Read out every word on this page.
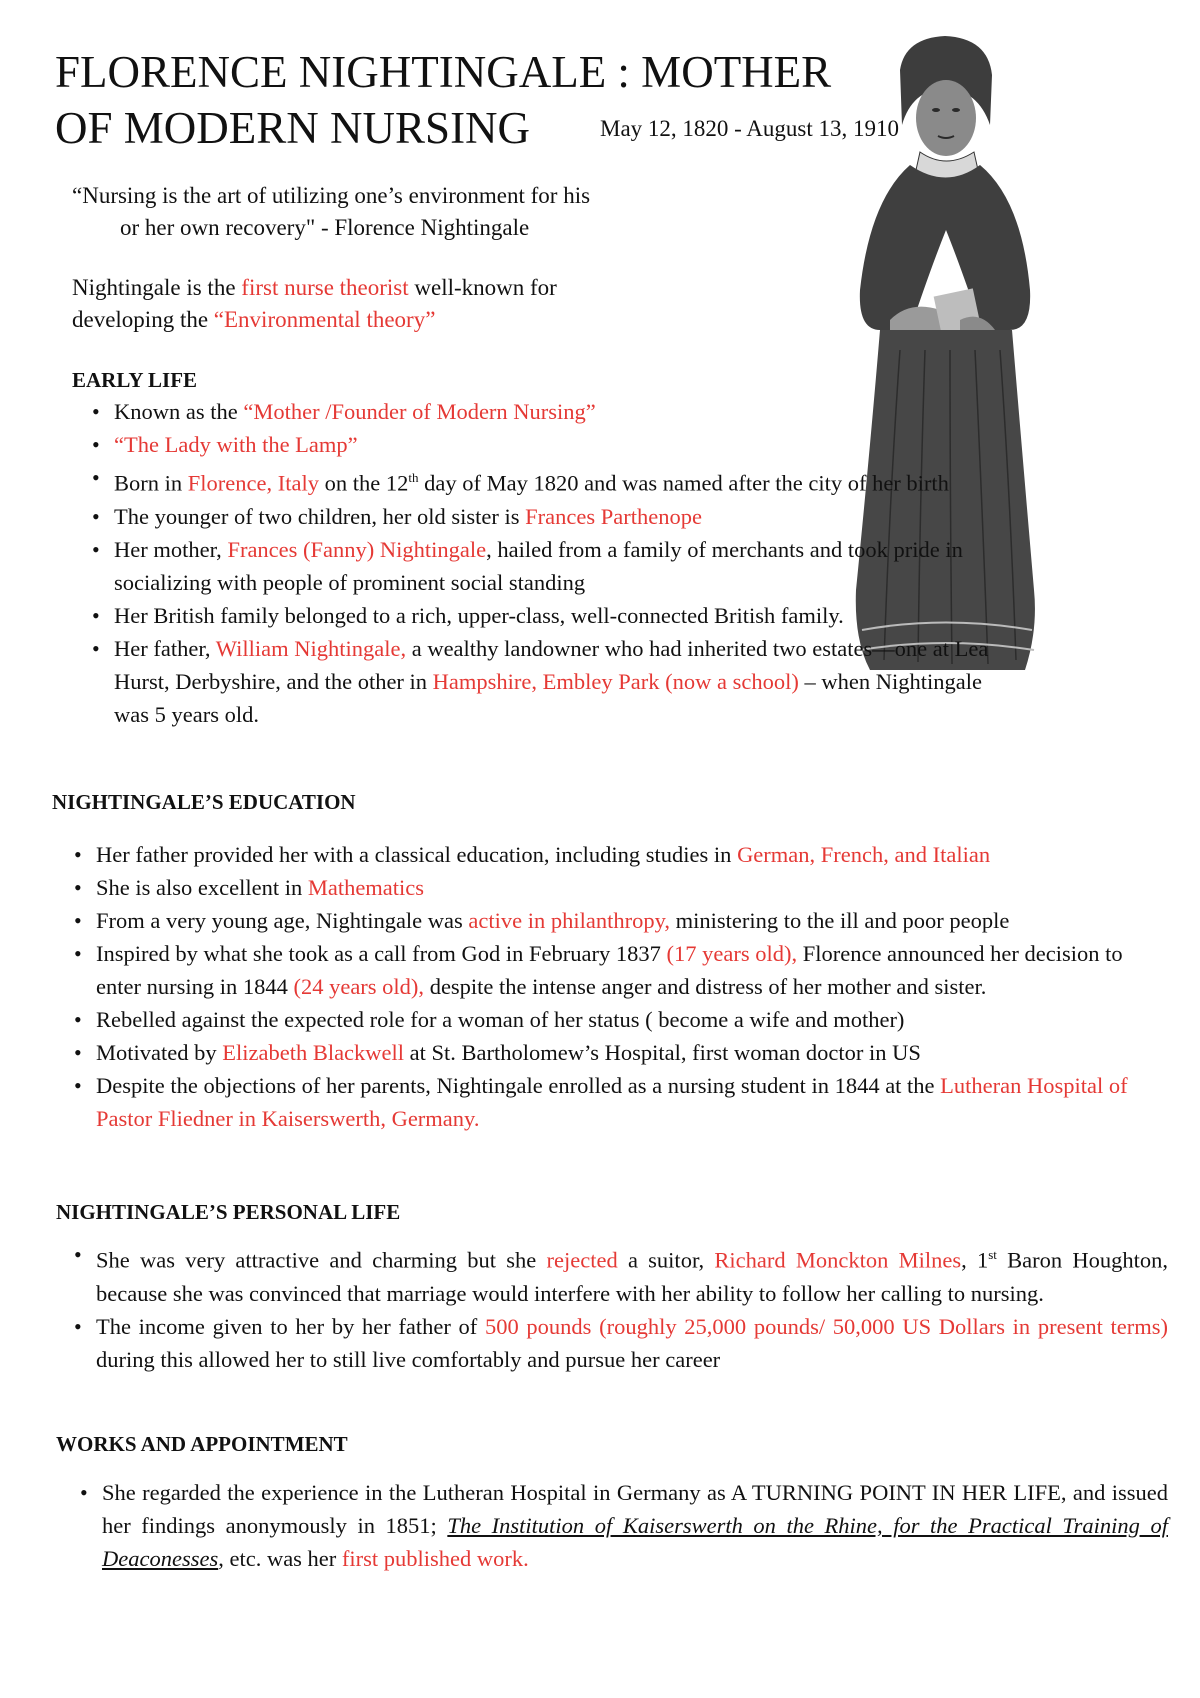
FLORENCE NIGHTINGALE : MOTHER
OF MODERN NURSING	May 12, 1820 - August 13, 1910
“Nursing is the art of utilizing one’s environment for his
or her own recovery" - Florence Nightingale
Nightingale is the first nurse theorist well-known for
developing the “Environmental theory”
EARLY LIFE
• Known as the “Mother /Founder of Modern Nursing”
• “The Lady with the Lamp”
• Born in Florence, Italy on the 12th day of May 1820 and was named after the city of her birth
• The younger of two children, her old sister is Frances Parthenope
• Her mother, Frances (Fanny) Nightingale, hailed from a family of merchants and took pride in socializing with people of prominent social standing
• Her British family belonged to a rich, upper-class, well-connected British family.
• Her father, William Nightingale, a wealthy landowner who had inherited two estates—one at Lea Hurst, Derbyshire, and the other in Hampshire, Embley Park (now a school) – when Nightingale was 5 years old.
NIGHTINGALE’S EDUCATION
• Her father provided her with a classical education, including studies in German, French, and Italian
• She is also excellent in Mathematics
• From a very young age, Nightingale was active in philanthropy, ministering to the ill and poor people
• Inspired by what she took as a call from God in February 1837 (17 years old), Florence announced her decision to enter nursing in 1844 (24 years old), despite the intense anger and distress of her mother and sister.
• Rebelled against the expected role for a woman of her status ( become a wife and mother)
• Motivated by Elizabeth Blackwell at St. Bartholomew’s Hospital, first woman doctor in US
• Despite the objections of her parents, Nightingale enrolled as a nursing student in 1844 at the Lutheran Hospital of Pastor Fliedner in Kaiserswerth, Germany.
NIGHTINGALE’S PERSONAL LIFE
• She was very attractive and charming but she rejected a suitor, Richard Monckton Milnes, 1st Baron Houghton, because she was convinced that marriage would interfere with her ability to follow her calling to nursing.
• The income given to her by her father of 500 pounds (roughly 25,000 pounds/ 50,000 US Dollars in present terms) during this allowed her to still live comfortably and pursue her career
WORKS AND APPOINTMENT
• She regarded the experience in the Lutheran Hospital in Germany as A TURNING POINT IN HER LIFE, and issued her findings anonymously in 1851; The Institution of Kaiserswerth on the Rhine, for the Practical Training of Deaconesses, etc. was her first published work.
